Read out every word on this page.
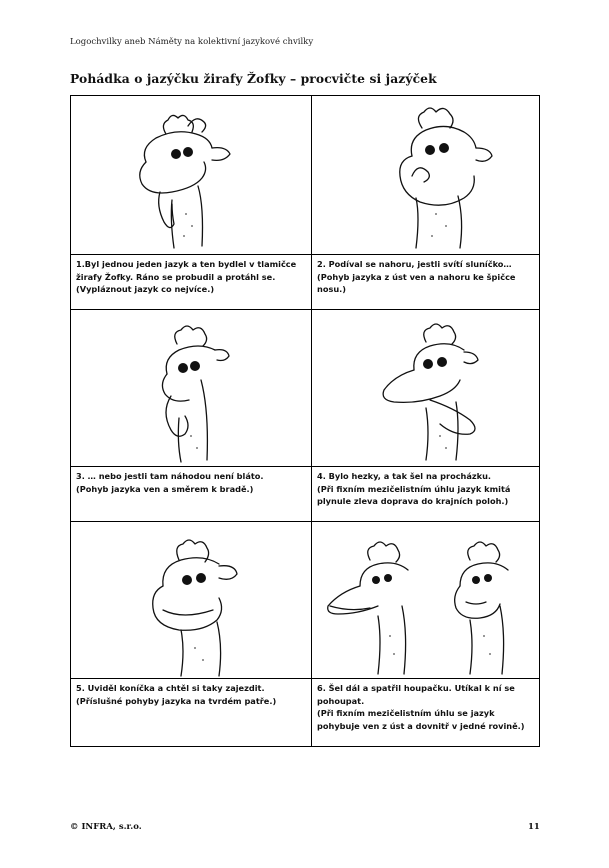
Logochvilky aneb Náměty na kolektivní jazykové chvilky
Pohádka o jazýčku žirafy Žofky – procvičte si jazýček
1.Byl jednou jeden jazyk a ten bydlel v tlamičce
žirafy Žofky. Ráno se probudil a protáhl se.
(Vypláznout jazyk co nejvíce.)
2. Podíval se nahoru, jestli svítí sluníčko…
(Pohyb jazyka z úst ven a nahoru ke špičce
nosu.)
3. … nebo jestli tam náhodou není bláto.
(Pohyb jazyka ven a směrem k bradě.)
4. Bylo hezky, a tak šel na procházku.
(Při fixním mezičelistním úhlu jazyk kmitá
plynule zleva doprava do krajních poloh.)
5. Uviděl koníčka a chtěl si taky zajezdit.
(Příslušné pohyby jazyka na tvrdém patře.)
6. Šel dál a spatřil houpačku. Utíkal k ní se
pohoupat.
(Při fixním mezičelistním úhlu se jazyk
pohybuje ven z úst a dovnitř v jedné rovině.)
© INFRA, s.r.o.	11
